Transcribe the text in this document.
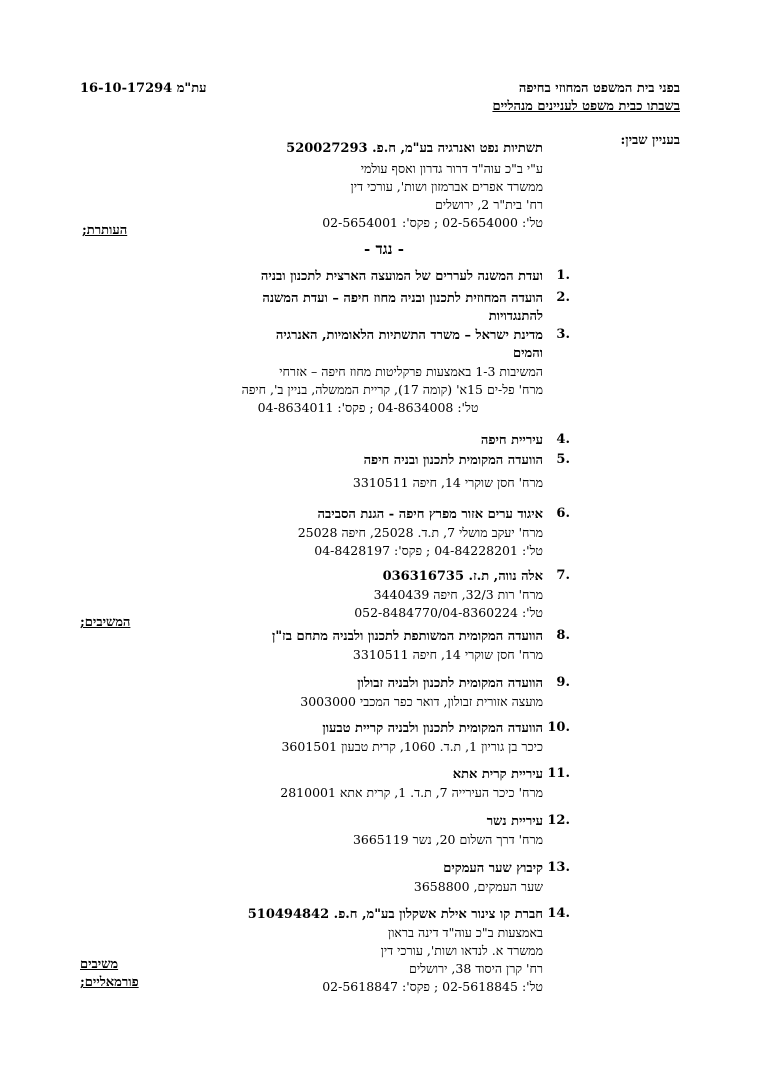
בפני בית המשפט המחוזי בחיפה
בשבתו כבית משפט לעניינים מנהליים
עת"מ 16-10-17294
בעניין שבין:
תשתיות נפט ואנרגיה בע"מ, ח.פ. 520027293
ע"י ב"כ עוה"ד דרור גדרון ואסף עולמי
ממשרד אפרים אברמזון ושות', עורכי דין
רח' בית"ר 2, ירושלים
טל': 02-5654000 ; פקס': 02-5654001
העותרת;
- נגד -
1.
ועדת המשנה לעררים של המועצה הארצית לתכנון ובניה
2.
הועדה המחוזית לתכנון ובניה מחוז חיפה – ועדת המשנה
להתנגדויות
3.
מדינת ישראל – משרד התשתיות הלאומיות, האנרגיה
והמים
המשיבות 1-3 באמצעות פרקליטות מחוז חיפה – אזרחי
מרח' פל-ים 15א' (קומה 17), קריית הממשלה, בניין ב', חיפה
טל': 04-8634008 ; פקס': 04-8634011
4.
עיריית חיפה
5.
הוועדה המקומית לתכנון ובניה חיפה
מרח' חסן שוקרי 14, חיפה 3310511
6.
איגוד ערים אזור מפרץ חיפה - הגנת הסביבה
מרח' יעקב מושלי 7, ת.ד. 25028, חיפה 25028
טל': 04-84228201 ; פקס': 04-8428197
7.
אלה נווה, ת.ז. 036316735
מרח' רות 32/3, חיפה 3440439
טל': 052-8484770/04-8360224
המשיבים;
8.
הוועדה המקומית המשותפת לתכנון ולבניה מתחם בז"ן
מרח' חסן שוקרי 14, חיפה 3310511
9.
הוועדה המקומית לתכנון ולבניה זבולון
מועצה אזורית זבולון, דואר כפר המכבי 3003000
10.
הוועדה המקומית לתכנון ולבניה קריית טבעון
כיכר בן גוריון 1, ת.ד. 1060, קרית טבעון 3601501
11.
עיריית קרית אתא
מרח' כיכר העירייה 7, ת.ד. 1, קרית אתא 2810001
12.
עיריית נשר
מרח' דרך השלום 20, נשר 3665119
13.
קיבוץ שער העמקים
שער העמקים, 3658800
14.
חברת קו צינור אילת אשקלון בע"מ, ח.פ. 510494842
באמצעות ב"כ עוה"ד דינה בראון
ממשרד א. לנדאו ושות', עורכי דין
רח' קרן היסוד 38, ירושלים
טל': 02-5618845 ; פקס': 02-5618847
משיבים
פורמאליים;
